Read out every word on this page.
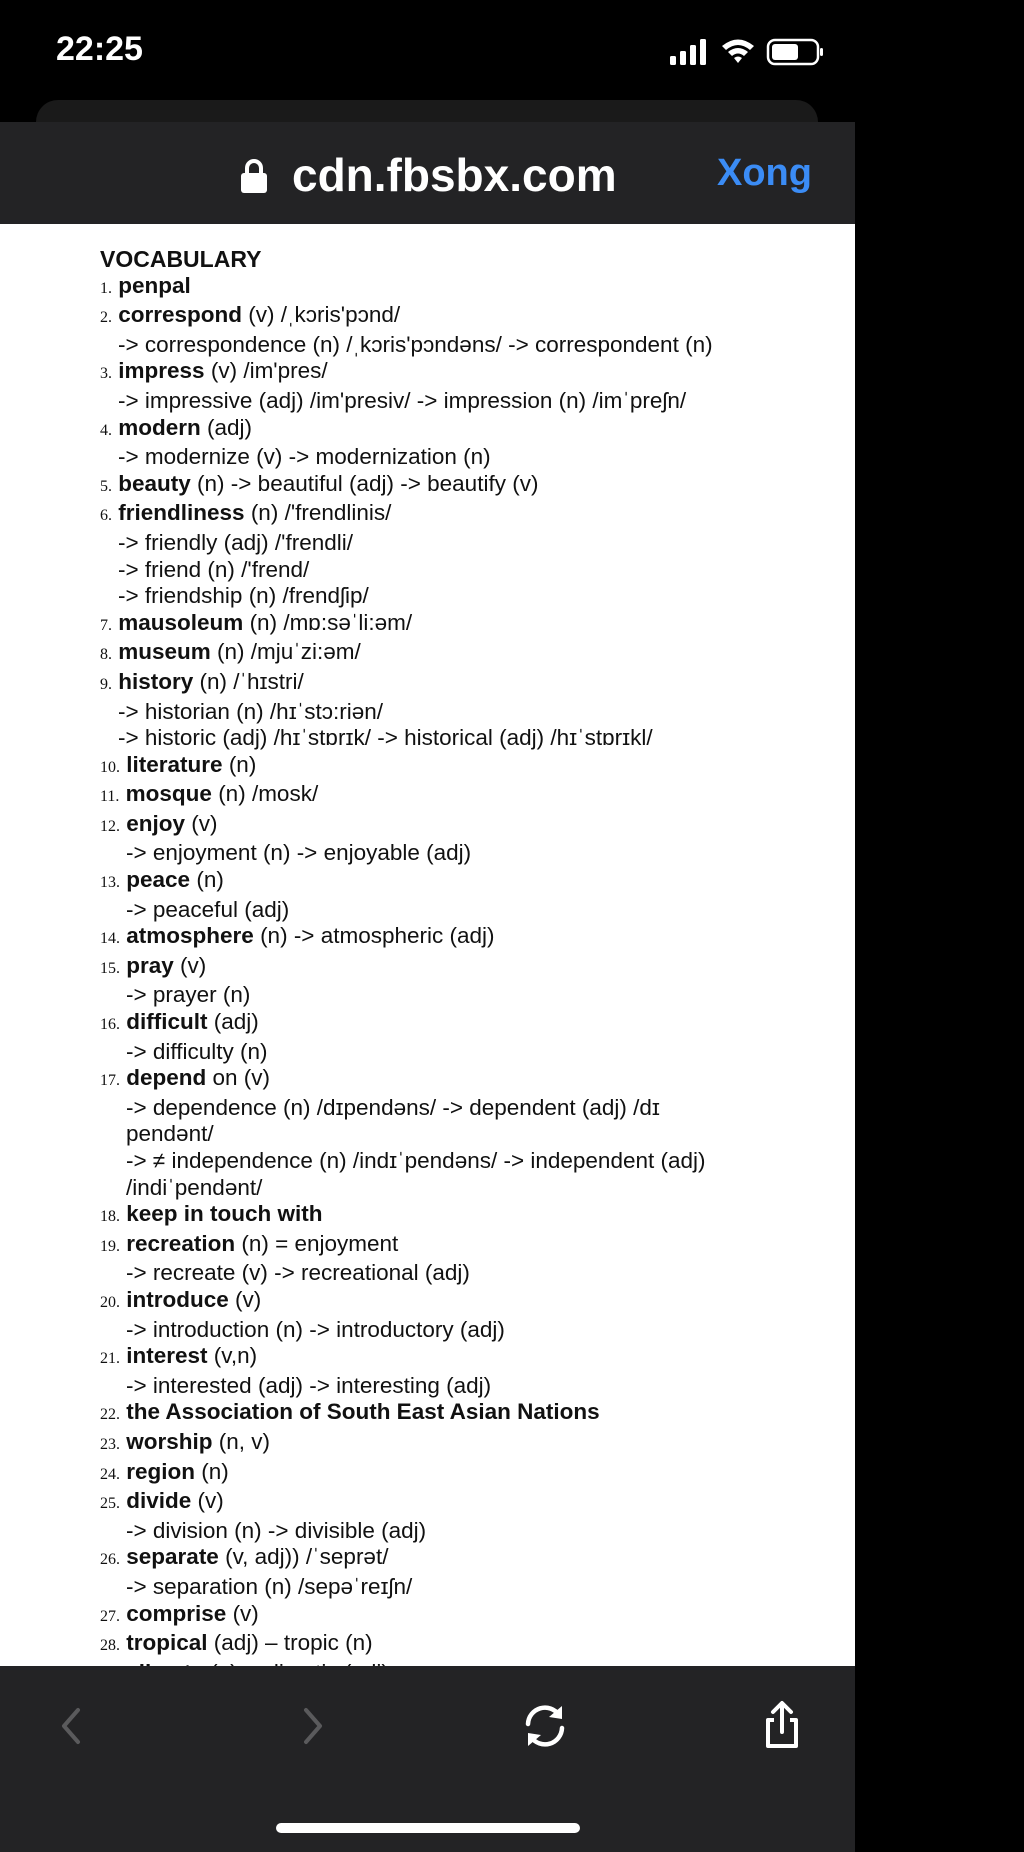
22:25
cdn.fbsbx.com	Xong
VOCABULARY
1. penpal
2. correspond (v) /ˌkɔris'pɔnd/
-> correspondence (n) /ˌkɔris'pɔndəns/ -> correspondent (n)
3. impress (v) /im'pres/
-> impressive (adj) /im'presiv/ -> impression (n) /imˈpreʃn/
4. modern (adj)
-> modernize (v) -> modernization (n)
5. beauty (n) -> beautiful (adj) -> beautify (v)
6. friendliness (n) /'frendlinis/
-> friendly (adj) /'frendli/
-> friend (n) /'frend/
-> friendship (n) /frendʃip/
7. mausoleum (n) /mɒ:səˈli:əm/
8. museum (n) /mjuˈzi:əm/
9. history (n) /ˈhɪstri/
-> historian (n) /hɪˈstɔ:riən/
-> historic (adj) /hɪˈstɒrɪk/ -> historical (adj) /hɪˈstɒrɪkl/
10. literature (n)
11. mosque (n) /mosk/
12. enjoy (v)
-> enjoyment (n) -> enjoyable (adj)
13. peace (n)
-> peaceful (adj)
14. atmosphere (n) -> atmospheric (adj)
15. pray (v)
-> prayer (n)
16. difficult (adj)
-> difficulty (n)
17. depend on (v)
-> dependence (n) /dɪpendəns/ -> dependent (adj) /dɪ pendənt/
-> ≠ independence (n) /indɪˈpendəns/ -> independent (adj) /indiˈpendənt/
18. keep in touch with
19. recreation (n) = enjoyment
-> recreate (v) -> recreational (adj)
20. introduce (v)
-> introduction (n) -> introductory (adj)
21. interest (v,n)
-> interested (adj) -> interesting (adj)
22. the Association of South East Asian Nations
23. worship (n, v)
24. region (n)
25. divide (v)
-> division (n) -> divisible (adj)
26. separate (v, adj)) /ˈseprət/
-> separation (n) /sepəˈreɪʃn/
27. comprise (v)
28. tropical (adj) – tropic (n)
